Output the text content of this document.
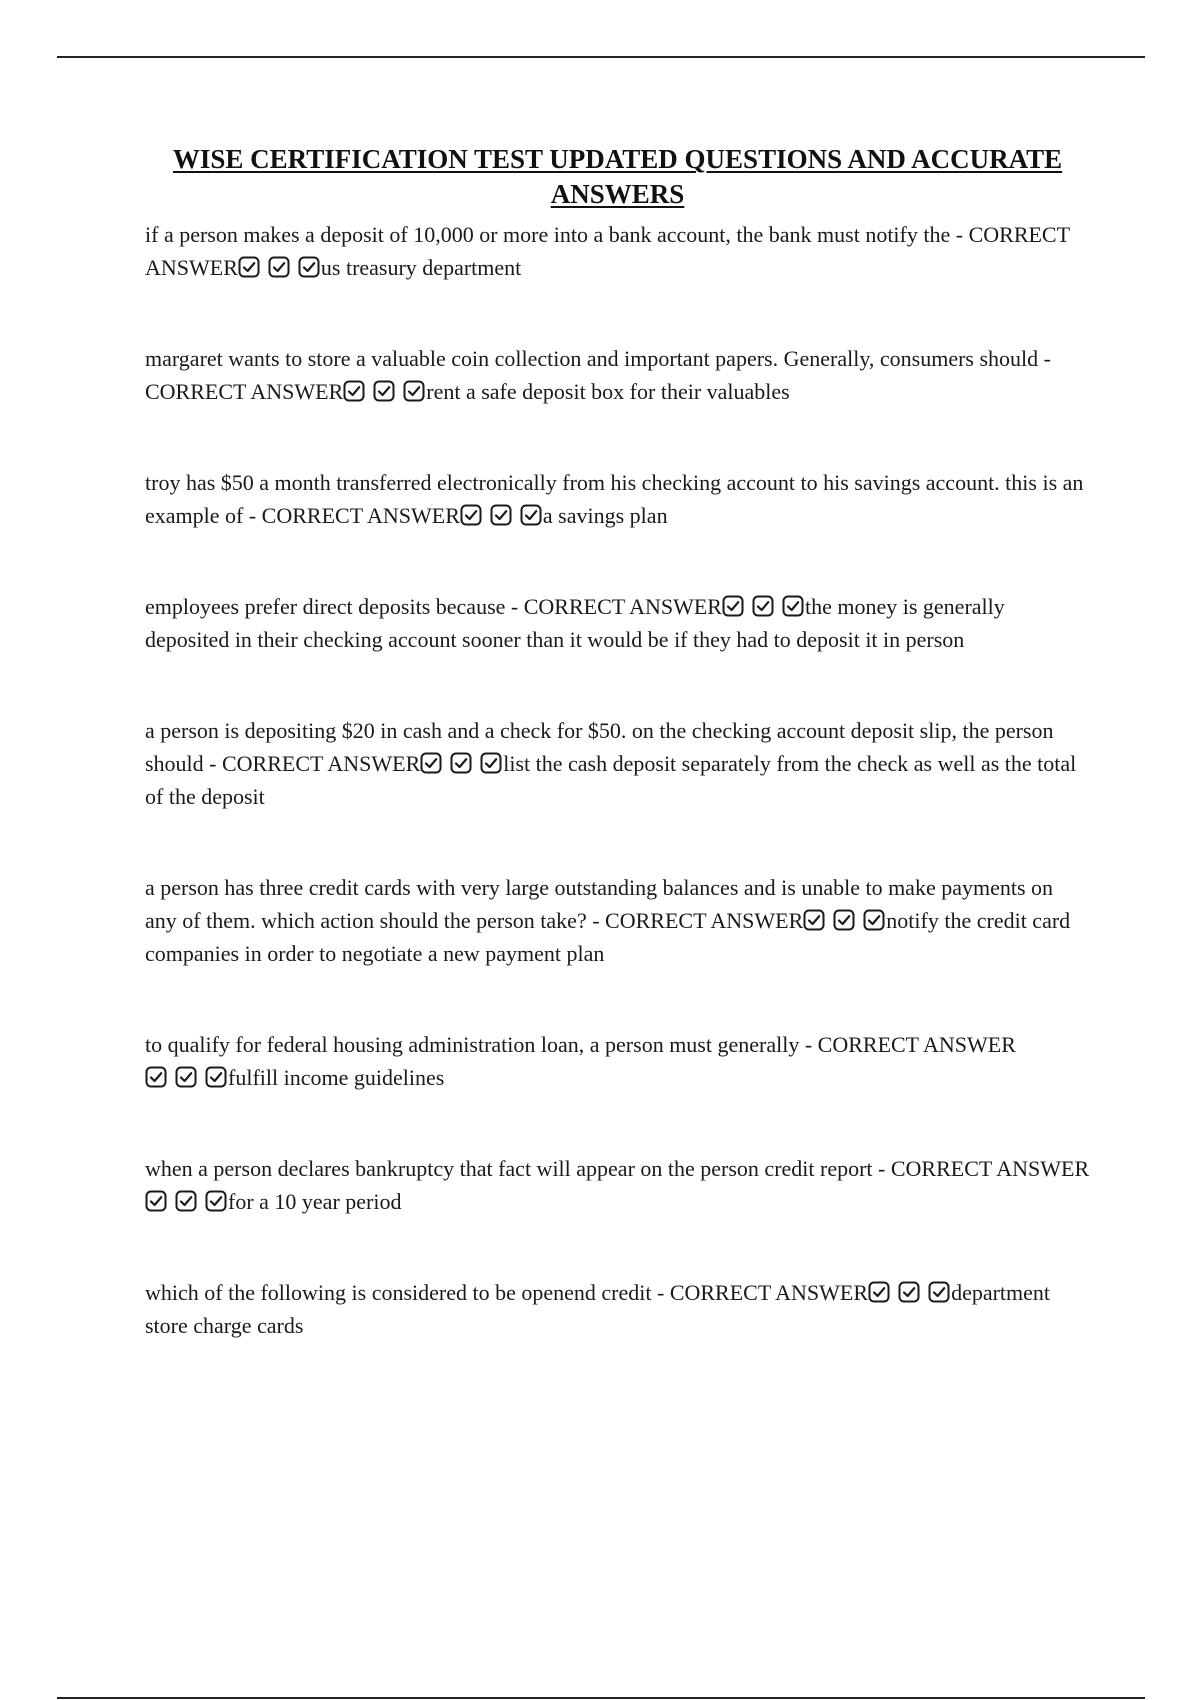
WISE CERTIFICATION TEST UPDATED QUESTIONS AND ACCURATE ANSWERS

if a person makes a deposit of 10,000 or more into a bank account, the bank must notify the - CORRECT ANSWER	us treasury department

margaret wants to store a valuable coin collection and important papers. Generally, consumers should - CORRECT ANSWER	rent a safe deposit box for their valuables

troy has $50 a month transferred electronically from his checking account to his savings account. this is an example of - CORRECT ANSWER	a savings plan

employees prefer direct deposits because - CORRECT ANSWER	the money is generally deposited in their checking account sooner than it would be if they had to deposit it in person

a person is depositing $20 in cash and a check for $50. on the checking account deposit slip, the person should - CORRECT ANSWER	list the cash deposit separately from the check as well as the total of the deposit

a person has three credit cards with very large outstanding balances and is unable to make payments on any of them. which action should the person take? - CORRECT ANSWER	notify the credit card companies in order to negotiate a new payment plan

to qualify for federal housing administration loan, a person must generally - CORRECT ANSWER
fulfill income guidelines

when a person declares bankruptcy that fact will appear on the person credit report - CORRECT ANSWER
for a 10 year period

which of the following is considered to be openend credit - CORRECT ANSWER	department store charge cards
